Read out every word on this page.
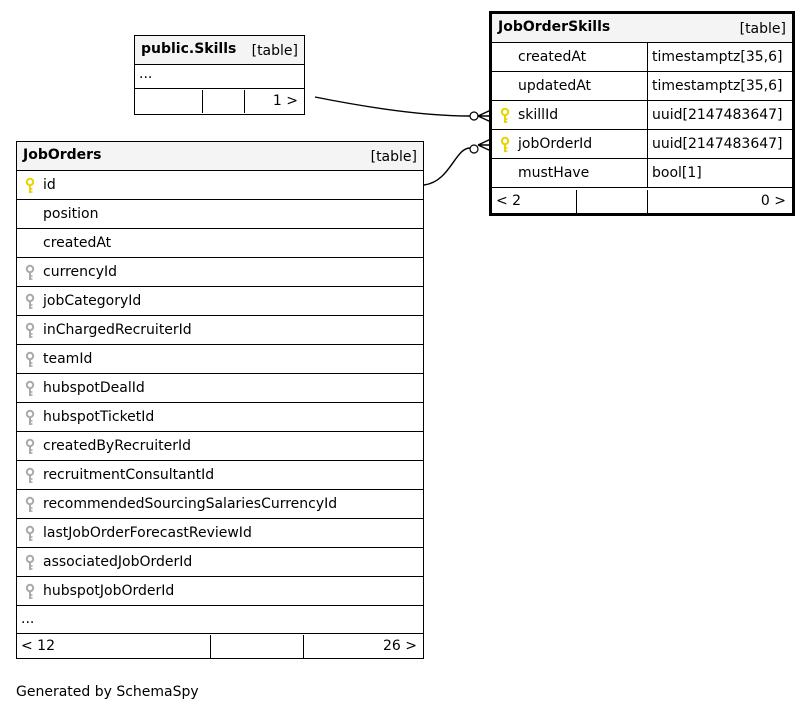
public.Skills [table]
...
1 >
JobOrderSkills	[table]
createdAt	timestamptz[35,6]
updatedAt	timestamptz[35,6]
skillId	uuid[2147483647]
jobOrderId	uuid[2147483647]
mustHave	bool[1]
< 2	0 >
JobOrders	[table]
id
position
createdAt
currencyId
jobCategoryId
inChargedRecruiterId
teamId
hubspotDealId
hubspotTicketId
createdByRecruiterId
recruitmentConsultantId
recommendedSourcingSalariesCurrencyId
lastJobOrderForecastReviewId
associatedJobOrderId
hubspotJobOrderId
...
< 12	26 >
Generated by SchemaSpy
